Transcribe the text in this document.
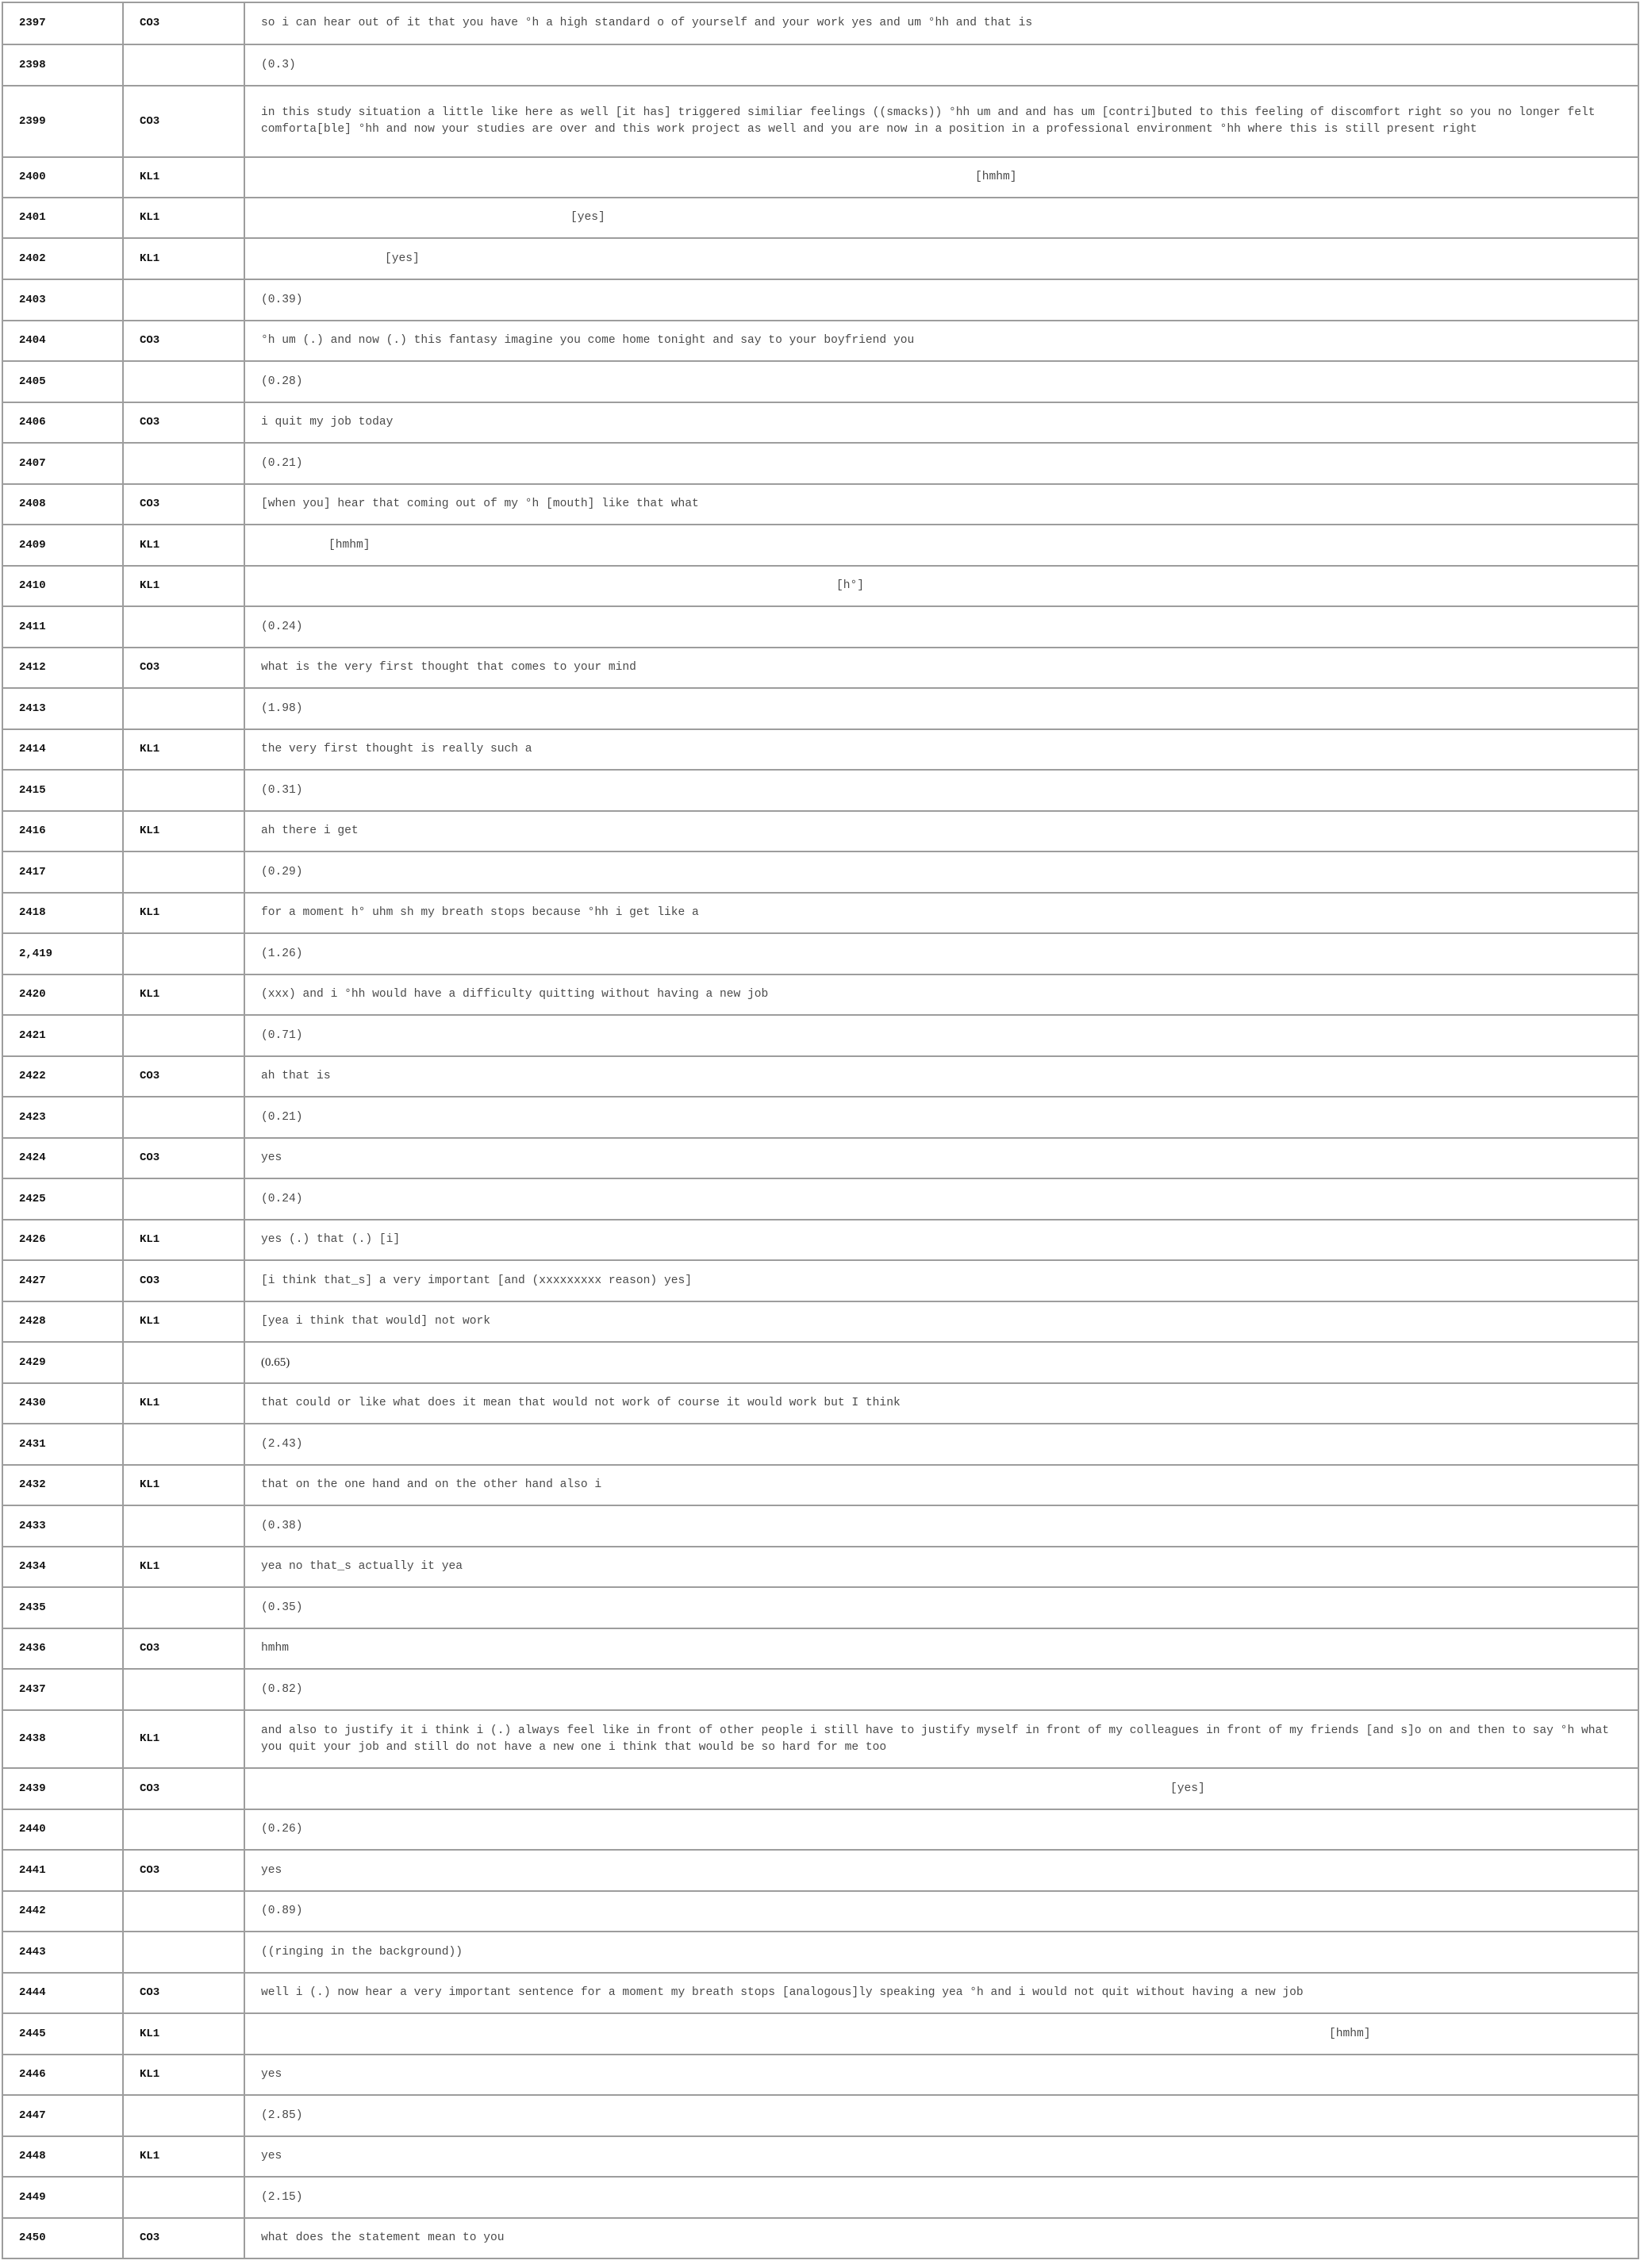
2397	CO3	so i can hear out of it that you have °h a high standard o of yourself and your work yes and um °hh and that is
2398		(0.3)
2399	CO3	in this study situation a little like here as well [it has] triggered similiar feelings ((smacks)) °hh um and and has um [contri]buted to this feeling of discomfort right so you no longer felt comforta[ble] °hh and now your studies are over and this work project as well and you are now in a position in a professional environment °hh where this is still present right
2400	KL1	[hmhm]
2401	KL1	[yes]
2402	KL1	[yes]
2403		(0.39)
2404	CO3	°h um (.) and now (.) this fantasy imagine you come home tonight and say to your boyfriend you
2405		(0.28)
2406	CO3	i quit my job today
2407		(0.21)
2408	CO3	[when you] hear that coming out of my °h [mouth] like that what
2409	KL1	[hmhm]
2410	KL1	[h°]
2411		(0.24)
2412	CO3	what is the very first thought that comes to your mind
2413		(1.98)
2414	KL1	the very first thought is really such a
2415		(0.31)
2416	KL1	ah there i get
2417		(0.29)
2418	KL1	for a moment h° uhm sh my breath stops because °hh i get like a
2,419		(1.26)
2420	KL1	(xxx) and i °hh would have a difficulty quitting without having a new job
2421		(0.71)
2422	CO3	ah that is
2423		(0.21)
2424	CO3	yes
2425		(0.24)
2426	KL1	yes (.) that (.) [i]
2427	CO3	[i think that_s] a very important [and (xxxxxxxxx reason) yes]
2428	KL1	[yea i think that would] not work
2429		(0.65)
2430	KL1	that could or like what does it mean that would not work of course it would work but I think
2431		(2.43)
2432	KL1	that on the one hand and on the other hand also i
2433		(0.38)
2434	KL1	yea no that_s actually it yea
2435		(0.35)
2436	CO3	hmhm
2437		(0.82)
2438	KL1	and also to justify it i think i (.) always feel like in front of other people i still have to justify myself in front of my colleagues in front of my friends [and s]o on and then to say °h what you quit your job and still do not have a new one i think that would be so hard for me too
2439	CO3	[yes]
2440		(0.26)
2441	CO3	yes
2442		(0.89)
2443		((ringing in the background))
2444	CO3	well i (.) now hear a very important sentence for a moment my breath stops [analogous]ly speaking yea °h and i would not quit without having a new job
2445	KL1	[hmhm]
2446	KL1	yes
2447		(2.85)
2448	KL1	yes
2449		(2.15)
2450	CO3	what does the statement mean to you
